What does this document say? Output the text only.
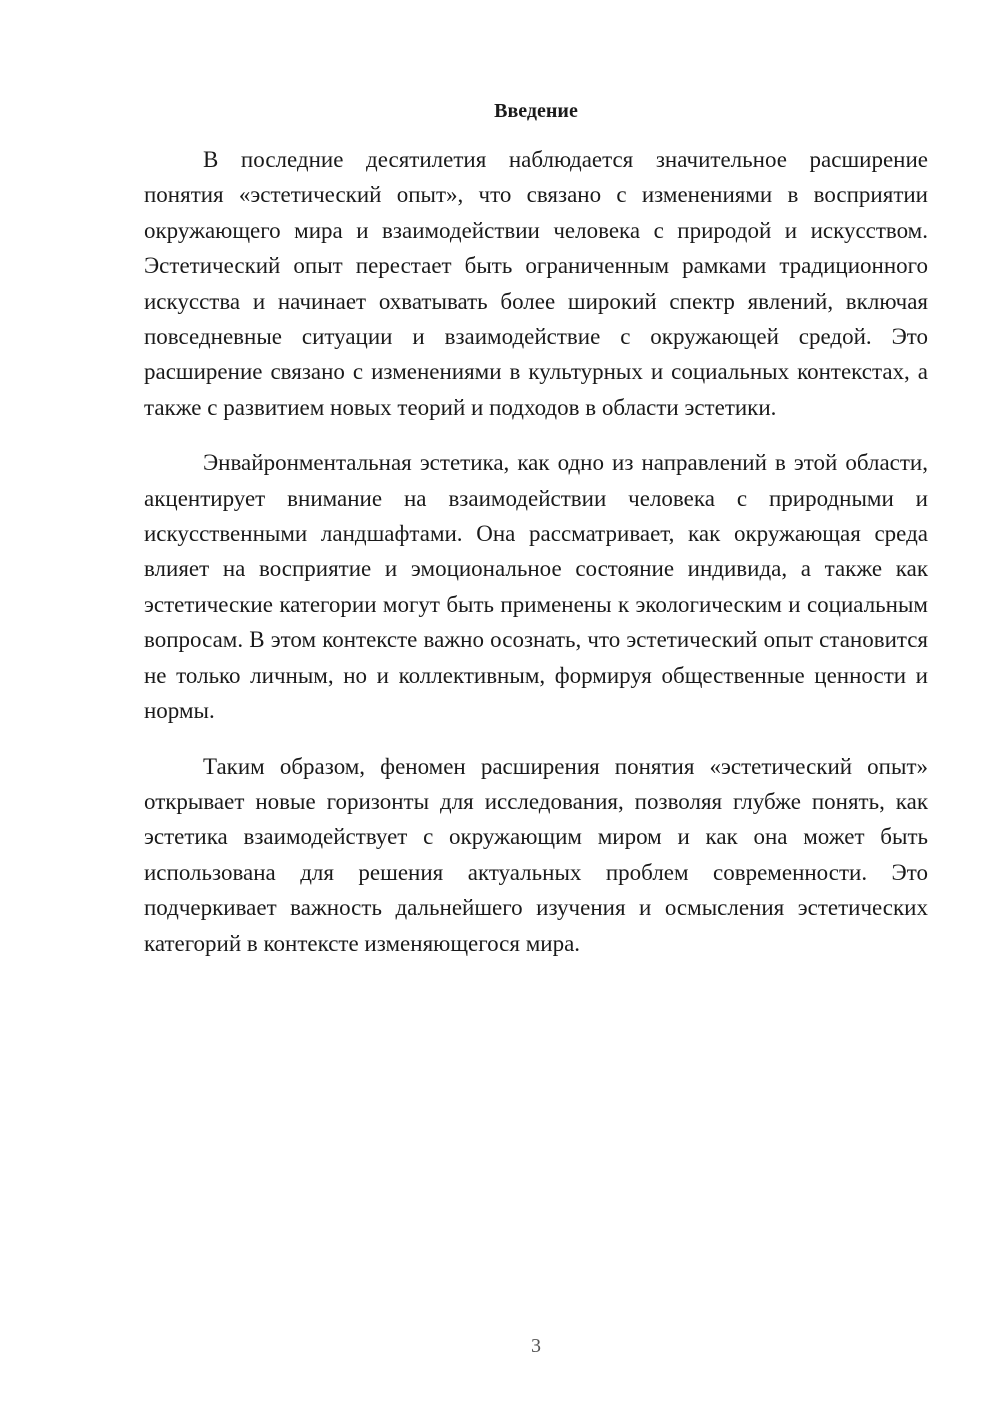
Введение

В последние десятилетия наблюдается значительное расширение понятия «эстетический опыт», что связано с изменениями в восприятии окружающего мира и взаимодействии человека с природой и искусством. Эстетический опыт перестает быть ограниченным рамками традиционного искусства и начинает охватывать более широкий спектр явлений, включая повседневные ситуации и взаимодействие с окружающей средой. Это расширение связано с изменениями в культурных и социальных контекстах, а также с развитием новых теорий и подходов в области эстетики.

Энвайронментальная эстетика, как одно из направлений в этой области, акцентирует внимание на взаимодействии человека с природными и искусственными ландшафтами. Она рассматривает, как окружающая среда влияет на восприятие и эмоциональное состояние индивида, а также как эстетические категории могут быть применены к экологическим и социальным вопросам. В этом контексте важно осознать, что эстетический опыт становится не только личным, но и коллективным, формируя общественные ценности и нормы.

Таким образом, феномен расширения понятия «эстетический опыт» открывает новые горизонты для исследования, позволяя глубже понять, как эстетика взаимодействует с окружающим миром и как она может быть использована для решения актуальных проблем современности. Это подчеркивает важность дальнейшего изучения и осмысления эстетических категорий в контексте изменяющегося мира.

3
